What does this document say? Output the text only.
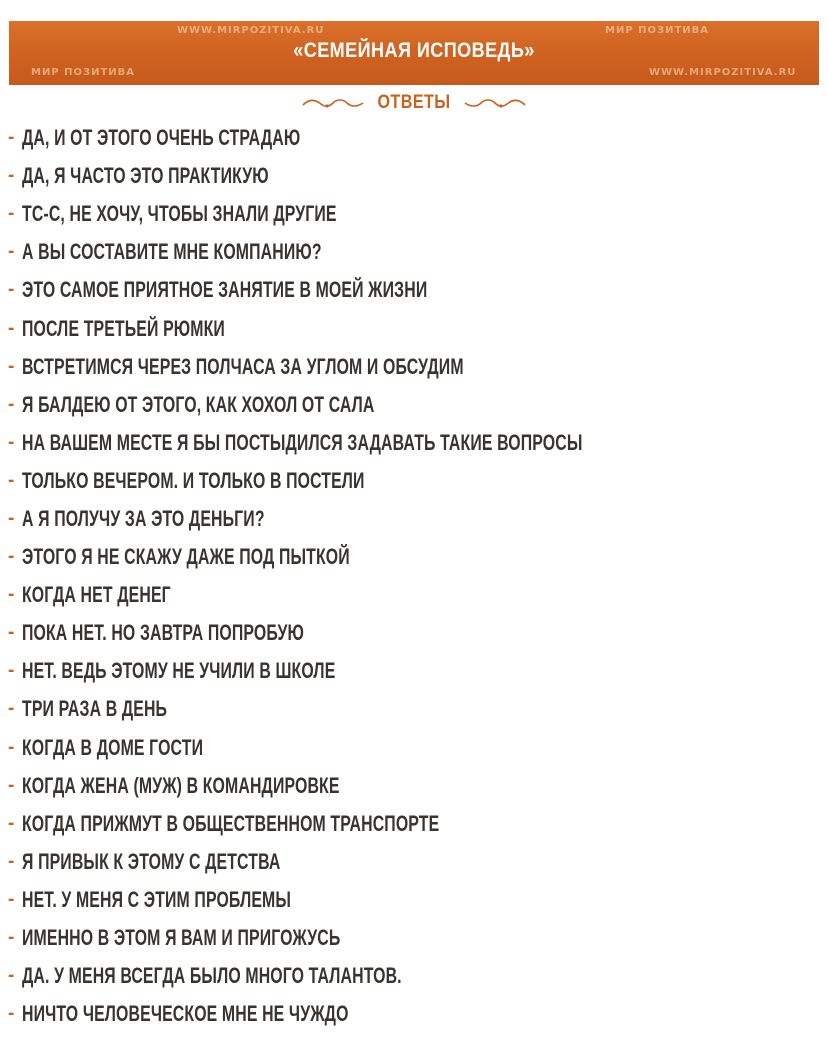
WWW.MIRPOZITIVA.RU	МИР ПОЗИТИВА
МИР ПОЗИТИВА	WWW.MIRPOZITIVA.RU
«СЕМЕЙНАЯ ИСПОВЕДЬ»
ОТВЕТЫ
- ДА, И ОТ ЭТОГО ОЧЕНЬ СТРАДАЮ
- ДА, Я ЧАСТО ЭТО ПРАКТИКУЮ
- ТС-С, НЕ ХОЧУ, ЧТОБЫ ЗНАЛИ ДРУГИЕ
- А ВЫ СОСТАВИТЕ МНЕ КОМПАНИЮ?
- ЭТО САМОЕ ПРИЯТНОЕ ЗАНЯТИЕ В МОЕЙ ЖИЗНИ
- ПОСЛЕ ТРЕТЬЕЙ РЮМКИ
- ВСТРЕТИМСЯ ЧЕРЕЗ ПОЛЧАСА ЗА УГЛОМ И ОБСУДИМ
- Я БАЛДЕЮ ОТ ЭТОГО, КАК ХОХОЛ ОТ САЛА
- НА ВАШЕМ МЕСТЕ Я БЫ ПОСТЫДИЛСЯ ЗАДАВАТЬ ТАКИЕ ВОПРОСЫ
- ТОЛЬКО ВЕЧЕРОМ. И ТОЛЬКО В ПОСТЕЛИ
- А Я ПОЛУЧУ ЗА ЭТО ДЕНЬГИ?
- ЭТОГО Я НЕ СКАЖУ ДАЖЕ ПОД ПЫТКОЙ
- КОГДА НЕТ ДЕНЕГ
- ПОКА НЕТ. НО ЗАВТРА ПОПРОБУЮ
- НЕТ. ВЕДЬ ЭТОМУ НЕ УЧИЛИ В ШКОЛЕ
- ТРИ РАЗА В ДЕНЬ
- КОГДА В ДОМЕ ГОСТИ
- КОГДА ЖЕНА (МУЖ) В КОМАНДИРОВКЕ
- КОГДА ПРИЖМУТ В ОБЩЕСТВЕННОМ ТРАНСПОРТЕ
- Я ПРИВЫК К ЭТОМУ С ДЕТСТВА
- НЕТ. У МЕНЯ С ЭТИМ ПРОБЛЕМЫ
- ИМЕННО В ЭТОМ Я ВАМ И ПРИГОЖУСЬ
- ДА. У МЕНЯ ВСЕГДА БЫЛО МНОГО ТАЛАНТОВ.
- НИЧТО ЧЕЛОВЕЧЕСКОЕ МНЕ НЕ ЧУЖДО
